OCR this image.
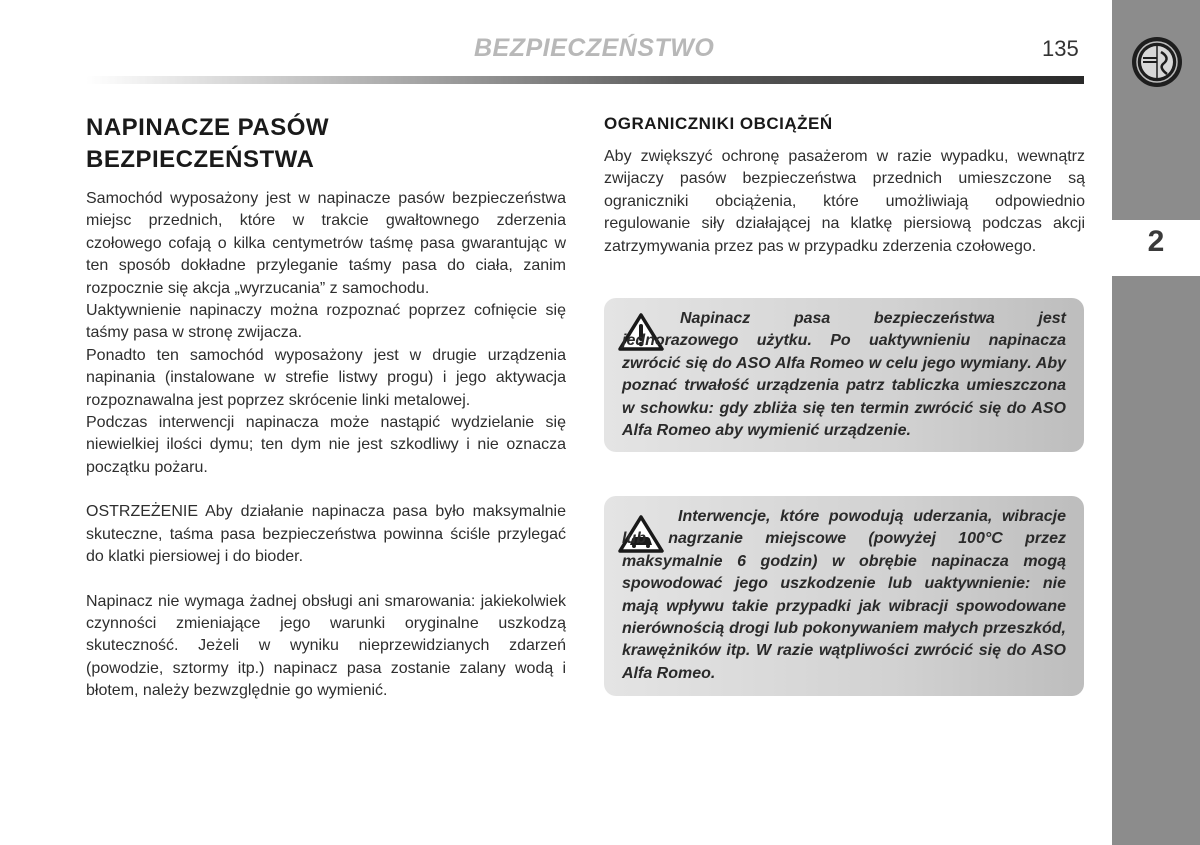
BEZPIECZEŃSTWO	135
2
NAPINACZE PASÓW
BEZPIECZEŃSTWA

Samochód wyposażony jest w napinacze pasów bezpieczeństwa miejsc przednich, które w trakcie gwałtownego zderzenia czołowego cofają o kilka centymetrów taśmę pasa gwarantując w ten sposób dokładne przyleganie taśmy pasa do ciała, zanim rozpocznie się akcja „wyrzucania” z samochodu.

Uaktywnienie napinaczy można rozpoznać poprzez cofnięcie się taśmy pasa w stronę zwijacza.

Ponadto ten samochód wyposażony jest w drugie urządzenia napinania (instalowane w strefie listwy progu) i jego aktywacja rozpoznawalna jest poprzez skrócenie linki metalowej.

Podczas interwencji napinacza może nastąpić wydzielanie się niewielkiej ilości dymu; ten dym nie jest szkodliwy i nie oznacza początku pożaru.

OSTRZEŻENIE Aby działanie napinacza pasa było maksymalnie skuteczne, taśma pasa bezpieczeństwa powinna ściśle przylegać do klatki piersiowej i do bioder.

Napinacz nie wymaga żadnej obsługi ani smarowania: jakiekolwiek czynności zmieniające jego warunki oryginalne uszkodzą skuteczność. Jeżeli w wyniku nieprzewidzianych zdarzeń (powodzie, sztormy itp.) napinacz pasa zostanie zalany wodą i błotem, należy bezwzględnie go wymienić.

OGRANICZNIKI OBCIĄŻEŃ

Aby zwiększyć ochronę pasażerom w razie wypadku, wewnątrz zwijaczy pasów bezpieczeństwa przednich umieszczone są ograniczniki obciążenia, które umożliwiają odpowiednio regulowanie siły działającej na klatkę piersiową podczas akcji zatrzymywania przez pas w przypadku zderzenia czołowego.

Napinacz pasa bezpieczeństwa jest jednorazowego użytku. Po uaktywnieniu napinacza zwrócić się do ASO Alfa Romeo w celu jego wymiany. Aby poznać trwałość urządzenia patrz tabliczka umieszczona w schowku: gdy zbliża się ten termin zwrócić się do ASO Alfa Romeo aby wymienić urządzenie.
Interwencje, które powodują uderzania, wibracje lub nagrzanie miejscowe (powyżej 100°C przez maksymalnie 6 godzin) w obrębie napinacza mogą spowodować jego uszkodzenie lub uaktywnienie: nie mają wpływu takie przypadki jak wibracji spowodowane nierównością drogi lub pokonywaniem małych przeszkód, krawężników itp. W razie wątpliwości zwrócić się do ASO Alfa Romeo.
